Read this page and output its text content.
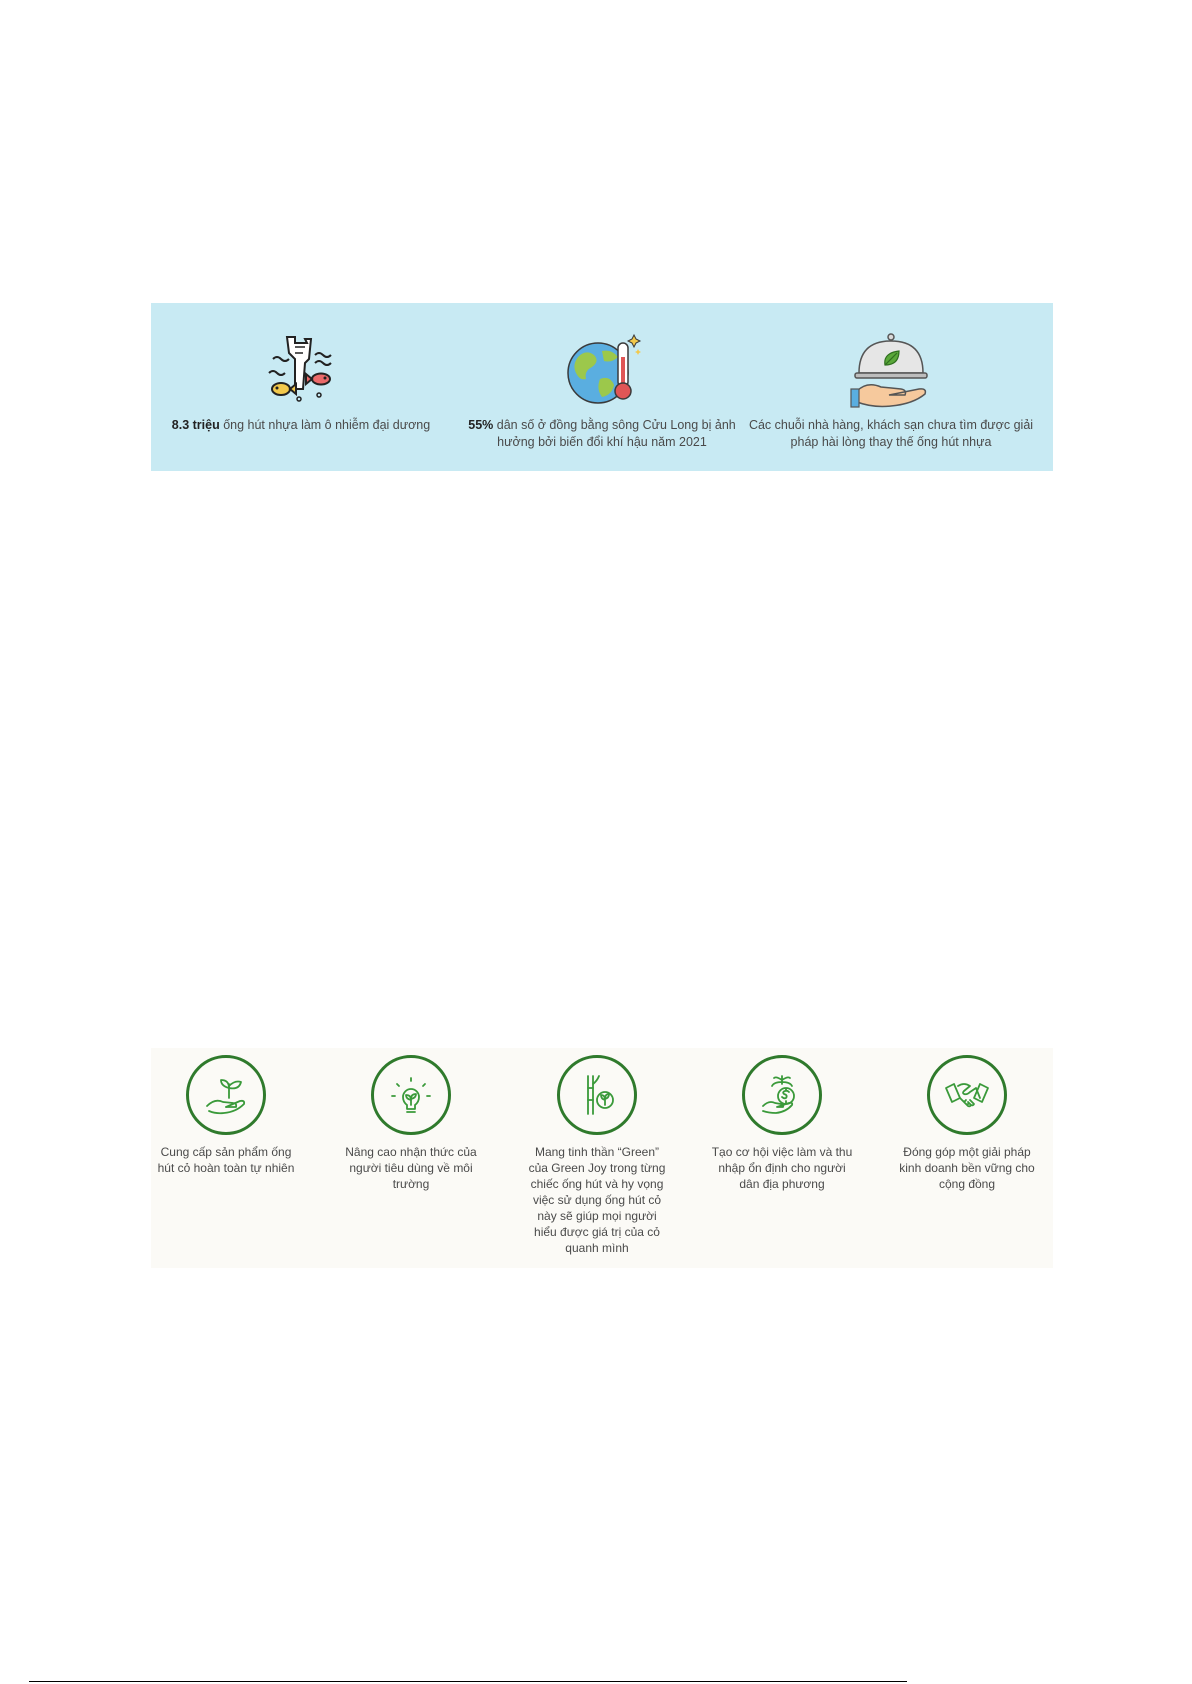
8.3 triệu ống hút nhựa làm ô nhiễm đại dương	55% dân số ở đồng bằng sông Cửu Long bị ảnh hưởng bởi biến đổi khí hậu năm 2021
Các chuỗi nhà hàng, khách sạn chưa tìm được giải pháp hài lòng thay thế ống hút nhựa
Cung cấp sản phẩm ống hút cỏ hoàn toàn tự nhiên
Nâng cao nhận thức của người tiêu dùng về môi trường
Mang tinh thần “Green” của Green Joy trong từng chiếc ống hút và hy vọng việc sử dụng ống hút cỏ này sẽ giúp mọi người hiểu được giá trị của cỏ quanh mình
Tạo cơ hội việc làm và thu nhập ổn định cho người dân địa phương
Đóng góp một giải pháp kinh doanh bền vững cho cộng đồng
